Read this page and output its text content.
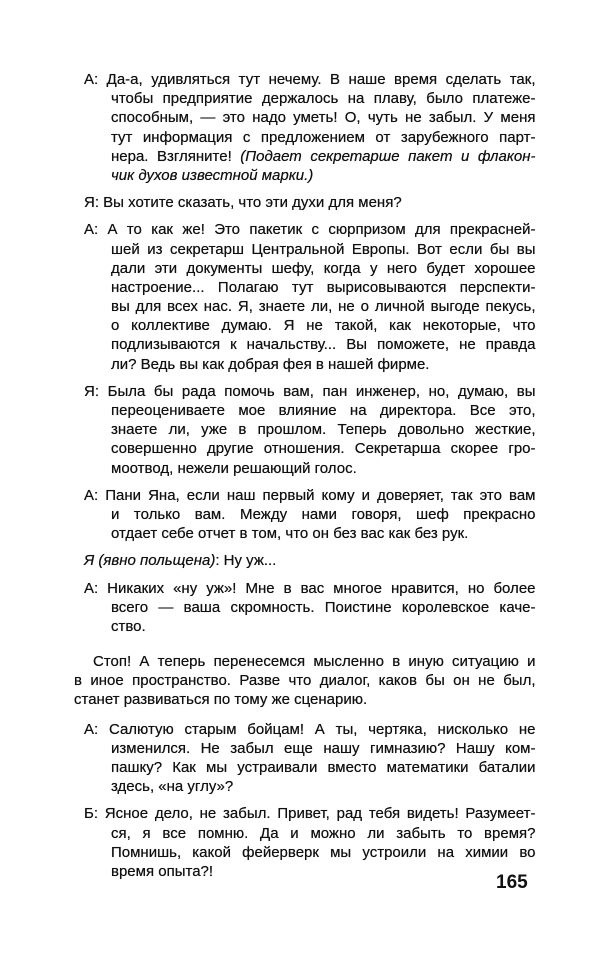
А: Да-а, удивляться тут нечему. В наше время сделать так,
чтобы предприятие держалось на плаву, было платеже-
способным, — это надо уметь! О, чуть не забыл. У меня
тут информация с предложением от зарубежного парт-
нера. Взгляните! (Подает секретарше пакет и флакон-
чик духов известной марки.)
Я: Вы хотите сказать, что эти духи для меня?
А: А то как же! Это пакетик с сюрпризом для прекрасней-
шей из секретарш Центральной Европы. Вот если бы вы
дали эти документы шефу, когда у него будет хорошее
настроение... Полагаю тут вырисовываются перспекти-
вы для всех нас. Я, знаете ли, не о личной выгоде пекусь,
о коллективе думаю. Я не такой, как некоторые, что
подлизываются к начальству... Вы поможете, не правда
ли? Ведь вы как добрая фея в нашей фирме.
Я: Была бы рада помочь вам, пан инженер, но, думаю, вы
переоцениваете мое влияние на директора. Все это,
знаете ли, уже в прошлом. Теперь довольно жесткие,
совершенно другие отношения. Секретарша скорее гро-
моотвод, нежели решающий голос.
А: Пани Яна, если наш первый кому и доверяет, так это вам
и только вам. Между нами говоря, шеф прекрасно
отдает себе отчет в том, что он без вас как без рук.
Я (явно польщена): Ну уж...
А: Никаких «ну уж»! Мне в вас многое нравится, но более
всего — ваша скромность. Поистине королевское каче-
ство.
Стоп! А теперь перенесемся мысленно в иную ситуацию и
в иное пространство. Разве что диалог, каков бы он не был,
станет развиваться по тому же сценарию.
А: Салютую старым бойцам! А ты, чертяка, нисколько не
изменился. Не забыл еще нашу гимназию? Нашу ком-
пашку? Как мы устраивали вместо математики баталии
здесь, «на углу»?
Б: Ясное дело, не забыл. Привет, рад тебя видеть! Разумеет-
ся, я все помню. Да и можно ли забыть то время?
Помнишь, какой фейерверк мы устроили на химии во
время опыта?!
165
